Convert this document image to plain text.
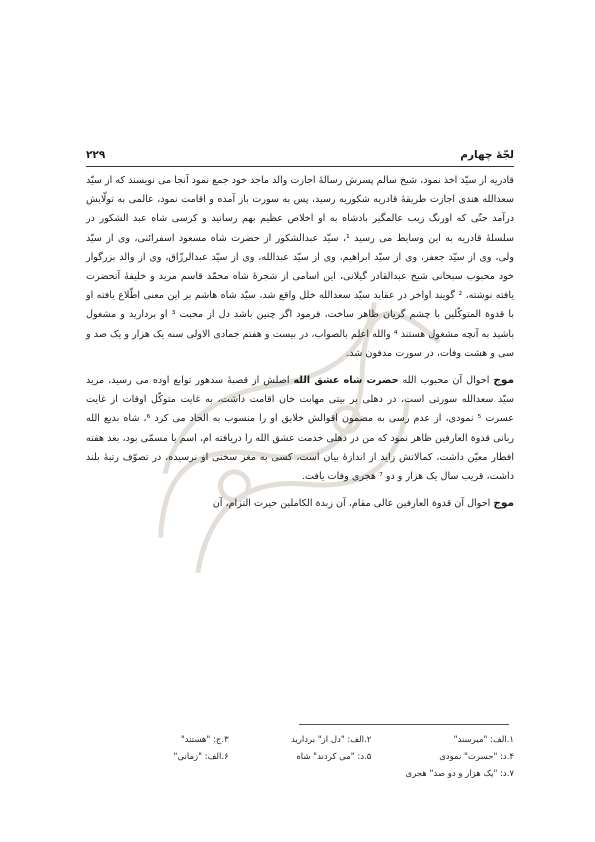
لجّهٔ چهارم
۲۲۹

قادریه از سیّد اخذ نمود، شیخ سالم پسرش رسالهٔ اجازت والد ماجد خود جمع نمود آنجا می نویسند که از سیّد سعدالله هندی اجازت طریقهٔ قادریه شکوریه رسید، پس به سورت باز آمده و اقامت نمود، عالمی به تولّایش درآمد حتّی که اورنگ زیب عالمگیر بادشاه به او اخلاص عظیم بهم رسانید و کرسی شاه عبد الشکور در سلسلهٔ قادریه به این وسایط می رسید ¹، سیّد عبدالشکور از حضرت شاه مسعود اسفرائنی، وی از سیّد ولی، وی از سیّد جعفر، وی از سیّد ابراهیم، وی از سیّد عبدالله، وی از سیّد عبدالرزّاق، وی از والد بزرگوار خود محبوب سبحانی شیخ عبدالقادر گیلانی، این اسامی از شجرهٔ شاه محمّد قاسم مرید و خلیفهٔ آنحضرت یافته نوشته، ² گویند اواخر در عقاید سیّد سعدالله خلل واقع شد، سیّد شاه هاشم بر این معنی اطّلاع یافته او با قدوة المتوکّلین با چشم گریان ظاهر ساخت، فرمود اگر چنین باشد دل از محبت ³ او بردارید و مشغول باشید به آنچه مشغول هستند ⁴ والله اعلم بالصواب، در بیست و هفتم جمادی الاولی سنه یک هزار و یک صد و سی و هشت وفات، در سورت مدفون شد.

موج احوال آن محبوب الله حضرت شاه عشق الله اصلش از قصبهٔ سدهور توابع اوده می رسید، مرید سیّد سعدالله سورتی است، در دهلی بر بیتی مهابت خان اقامت داشت، به غایت متوکّل اوقات از غایت عسرت ⁵ نمودی، از عدم رسی به مضمون اقوالش خلایق او را منسوب به الحاد می کرد ⁶، شاه بدیع الله ربانی قدوة العارفین ظاهر نمود که من در دهلی خدمت عشق الله را دریافته ام، اسم با مسمّی بود، بعد هفته افطار معیّن داشت، کمالاتش زاید از اندازهٔ بیان است، کسی به مغز سخنی او نرسیده، در تصوّف رتبهٔ بلند داشت، قریب سال یک هزار و دو ⁷ هجری وفات یافت.

موج احوال آن قدوة العارفین عالی مقام، آن زبدة الکاملین حیرت التزام، آن

۱.الف: "میرسند"
۲.الف: "دل از" برداريد
۳.ج: "هستند"
۴.د: "حسرت" نمودی
۵.د: "می کردند" شاه
۶.الف: "زمانی"
۷.د: "یک هزار و دو صد" هجری
